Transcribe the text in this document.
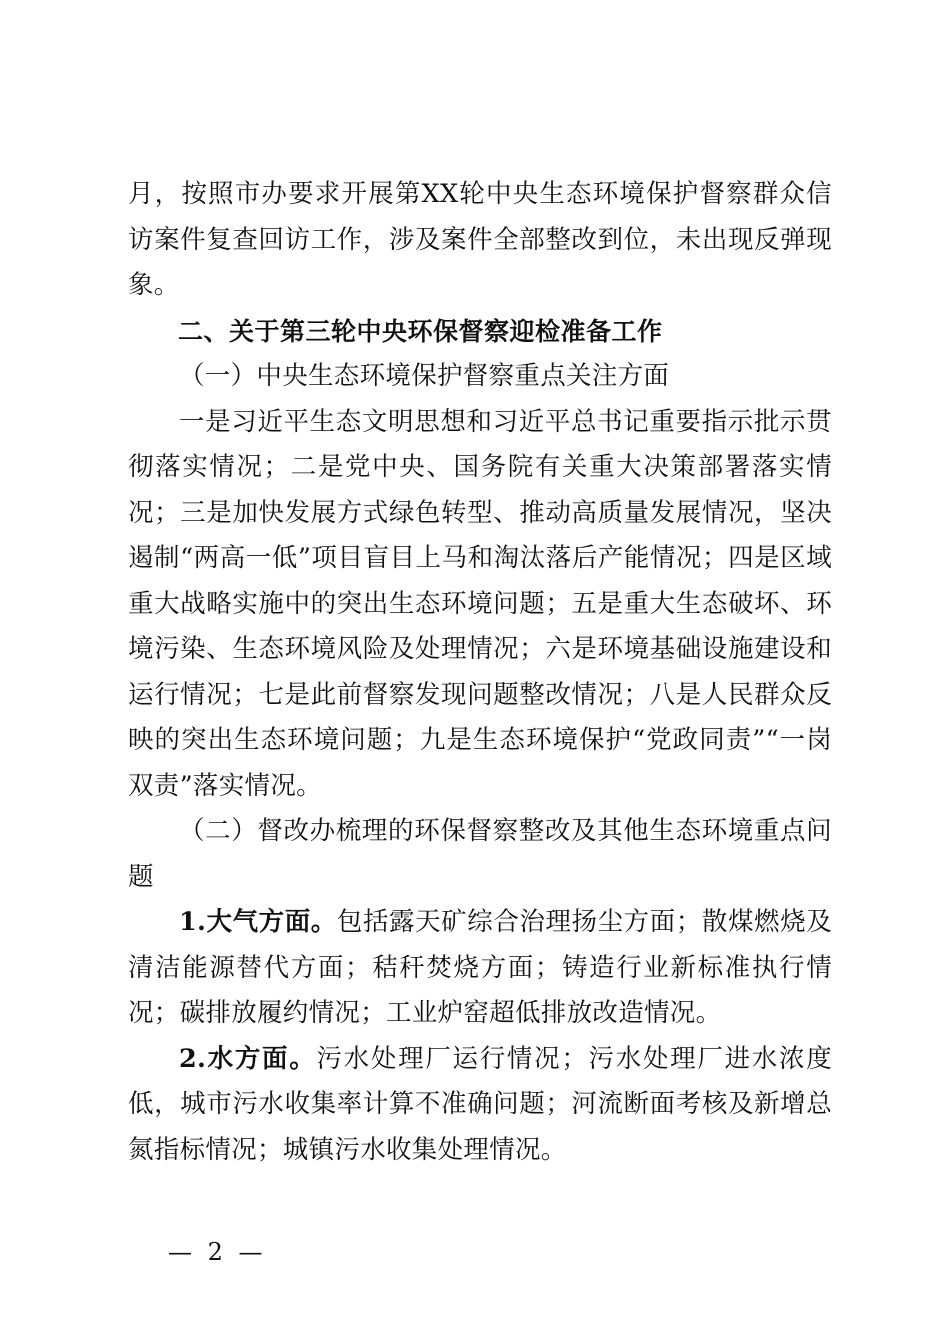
月，按照市办要求开展第XX轮中央生态环境保护督察群众信访案件复查回访工作，涉及案件全部整改到位，未出现反弹现象。

二、关于第三轮中央环保督察迎检准备工作

（一）中央生态环境保护督察重点关注方面

一是习近平生态文明思想和习近平总书记重要指示批示贯彻落实情况；二是党中央、国务院有关重大决策部署落实情况；三是加快发展方式绿色转型、推动高质量发展情况，坚决遏制“两高一低”项目盲目上马和淘汰落后产能情况；四是区域重大战略实施中的突出生态环境问题；五是重大生态破坏、环境污染、生态环境风险及处理情况；六是环境基础设施建设和运行情况；七是此前督察发现问题整改情况；八是人民群众反映的突出生态环境问题；九是生态环境保护“党政同责”“一岗双责”落实情况。

（二）督改办梳理的环保督察整改及其他生态环境重点问题

1.大气方面。包括露天矿综合治理扬尘方面；散煤燃烧及清洁能源替代方面；秸秆焚烧方面；铸造行业新标准执行情况；碳排放履约情况；工业炉窑超低排放改造情况。

2.水方面。污水处理厂运行情况；污水处理厂进水浓度低，城市污水收集率计算不准确问题；河流断面考核及新增总氮指标情况；城镇污水收集处理情况。

— 2 —
